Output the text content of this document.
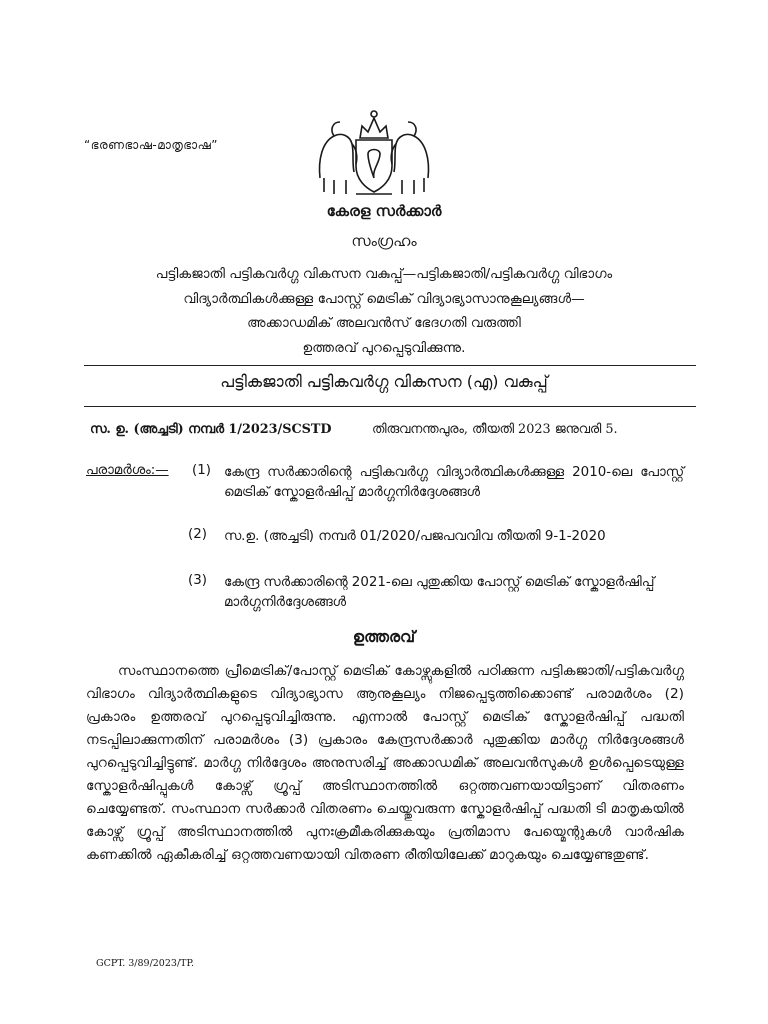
“ഭരണഭാഷ-മാതൃഭാഷ”
കേരള സർക്കാർ
സംഗ്രഹം
പട്ടികജാതി പട്ടികവർഗ്ഗ വികസന വകുപ്പ്—പട്ടികജാതി/പട്ടികവർഗ്ഗ വിഭാഗം
വിദ്യാർത്ഥികൾക്കുള്ള പോസ്റ്റ് മെട്രിക് വിദ്യാഭ്യാസാനുകൂല്യങ്ങൾ—
അക്കാഡമിക് അലവൻസ് ഭേദഗതി വരുത്തി
ഉത്തരവ് പുറപ്പെടുവിക്കുന്നു.
പട്ടികജാതി പട്ടികവർഗ്ഗ വികസന (എ) വകുപ്പ്
സ. ഉ. (അച്ചടി) നമ്പർ 1/2023/SCSTD	തിരുവനന്തപുരം, തീയതി 2023 ജനുവരി 5.
പരാമർശം:— (1) കേന്ദ്ര സർക്കാരിന്റെ പട്ടികവർഗ്ഗ വിദ്യാർത്ഥികൾക്കുള്ള 2010-ലെ പോസ്റ്റ് മെട്രിക് സ്കോളർഷിപ്പ് മാർഗ്ഗനിർദ്ദേശങ്ങൾ
(2)	സ.ഉ. (അച്ചടി) നമ്പർ 01/2020/പജപവവിവ തീയതി 9-1-2020
(3)	കേന്ദ്ര സർക്കാരിന്റെ 2021-ലെ പുതുക്കിയ പോസ്റ്റ് മെട്രിക് സ്കോളർഷിപ്പ് മാർഗ്ഗനിർദ്ദേശങ്ങൾ
ഉത്തരവ്
സംസ്ഥാനത്തെ പ്രീമെട്രിക്/പോസ്റ്റ് മെട്രിക് കോഴ്സുകളിൽ പഠിക്കുന്ന പട്ടികജാതി/പട്ടികവർഗ്ഗ വിഭാഗം വിദ്യാർത്ഥികളുടെ വിദ്യാഭ്യാസ ആനുകൂല്യം നിജപ്പെടുത്തിക്കൊണ്ട് പരാമർശം (2) പ്രകാരം ഉത്തരവ് പുറപ്പെടുവിച്ചിരുന്നു. എന്നാൽ പോസ്റ്റ് മെട്രിക് സ്കോളർഷിപ്പ് പദ്ധതി നടപ്പിലാക്കുന്നതിന് പരാമർശം (3) പ്രകാരം കേന്ദ്രസർക്കാർ പുതുക്കിയ മാർഗ്ഗ നിർദ്ദേശങ്ങൾ പുറപ്പെടുവിച്ചിട്ടുണ്ട്. മാർഗ്ഗ നിർദ്ദേശം അനുസരിച്ച് അക്കാഡമിക് അലവൻസുകൾ ഉൾപ്പെടെയുള്ള സ്കോളർഷിപ്പുകൾ കോഴ്സ് ഗ്രൂപ്പ് അടിസ്ഥാനത്തിൽ ഒറ്റത്തവണയായിട്ടാണ് വിതരണം ചെയ്യേണ്ടത്. സംസ്ഥാന സർക്കാർ വിതരണം ചെയ്തുവരുന്ന സ്കോളർഷിപ്പ് പദ്ധതി ടി മാതൃകയിൽ കോഴ്സ് ഗ്രൂപ്പ് അടിസ്ഥാനത്തിൽ പുനഃക്രമീകരിക്കുകയും പ്രതിമാസ പേയ്മെന്റുകൾ വാർഷിക കണക്കിൽ ഏകീകരിച്ച് ഒറ്റത്തവണയായി വിതരണ രീതിയിലേക്ക് മാറുകയും ചെയ്യേണ്ടതുണ്ട്.
GCPT. 3/89/2023/TP.
